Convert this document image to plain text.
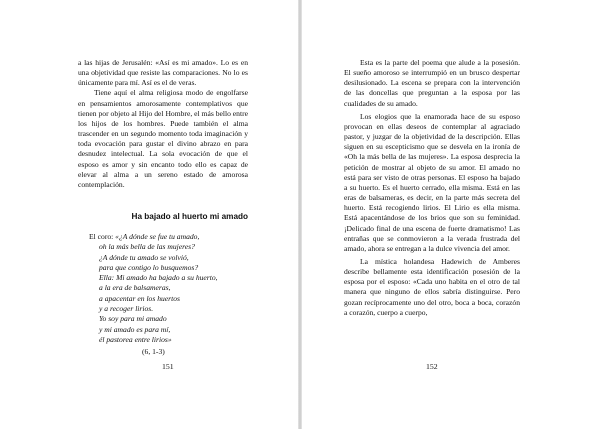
a las hijas de Jerusalén: «Así es mi amado». Lo es en una objetividad que resiste las comparaciones. No lo es únicamente para mí. Así es el de veras.

Tiene aquí el alma religiosa modo de engolfarse en pensamientos amorosamente contemplativos que tienen por objeto al Hijo del Hombre, el más bello entre los hijos de los hombres. Puede también el alma trascender en un segundo momento toda imaginación y toda evocación para gustar el divino abrazo en para desnudez intelectual. La sola evocación de que el esposo es amor y sin encanto todo ello es capaz de elevar al alma a un sereno estado de amorosa contemplación.

Ha bajado al huerto mi amado
El coro: «¿A dónde se fue tu amado,
oh la más bella de las mujeres?
¿A dónde tu amado se volvió,
para que contigo lo busquemos?
Ella: Mi amado ha bajado a su huerto,
a la era de balsameras,
a apacentar en los huertos
y a recoger lirios.
Yo soy para mi amado
y mi amado es para mí,
él pastorea entre lirios»
(6, 1-3)
151

Esta es la parte del poema que alude a la posesión. El sueño amoroso se interrumpió en un brusco despertar desilusionado. La escena se prepara con la intervención de las doncellas que preguntan a la esposa por las cualidades de su amado.

Los elogios que la enamorada hace de su esposo provocan en ellas deseos de contemplar al agraciado pastor, y juzgar de la objetividad de la descripción. Ellas siguen en su escepticismo que se desvela en la ironía de «Oh la más bella de las mujeres». La esposa desprecia la petición de mostrar al objeto de su amor. El amado no está para ser visto de otras personas. El esposo ha bajado a su huerto. Es el huerto cerrado, ella misma. Está en las eras de balsameras, es decir, en la parte más secreta del huerto. Está recogiendo lirios. El Lirio es ella misma. Está apacentándose de los brios que son su feminidad. ¡Delicado final de una escena de fuerte dramatismo! Las entrañas que se conmovieron a la verada frustrada del amado, ahora se entregan a la dulce vivencia del amor.

La mística holandesa Hadewich de Amberes describe bellamente esta identificación posesión de la esposa por el esposo: «Cada uno habita en el otro de tal manera que ninguno de ellos sabría distinguirse. Pero gozan recíprocamente uno del otro, boca a boca, corazón a corazón, cuerpo a cuerpo,

152
